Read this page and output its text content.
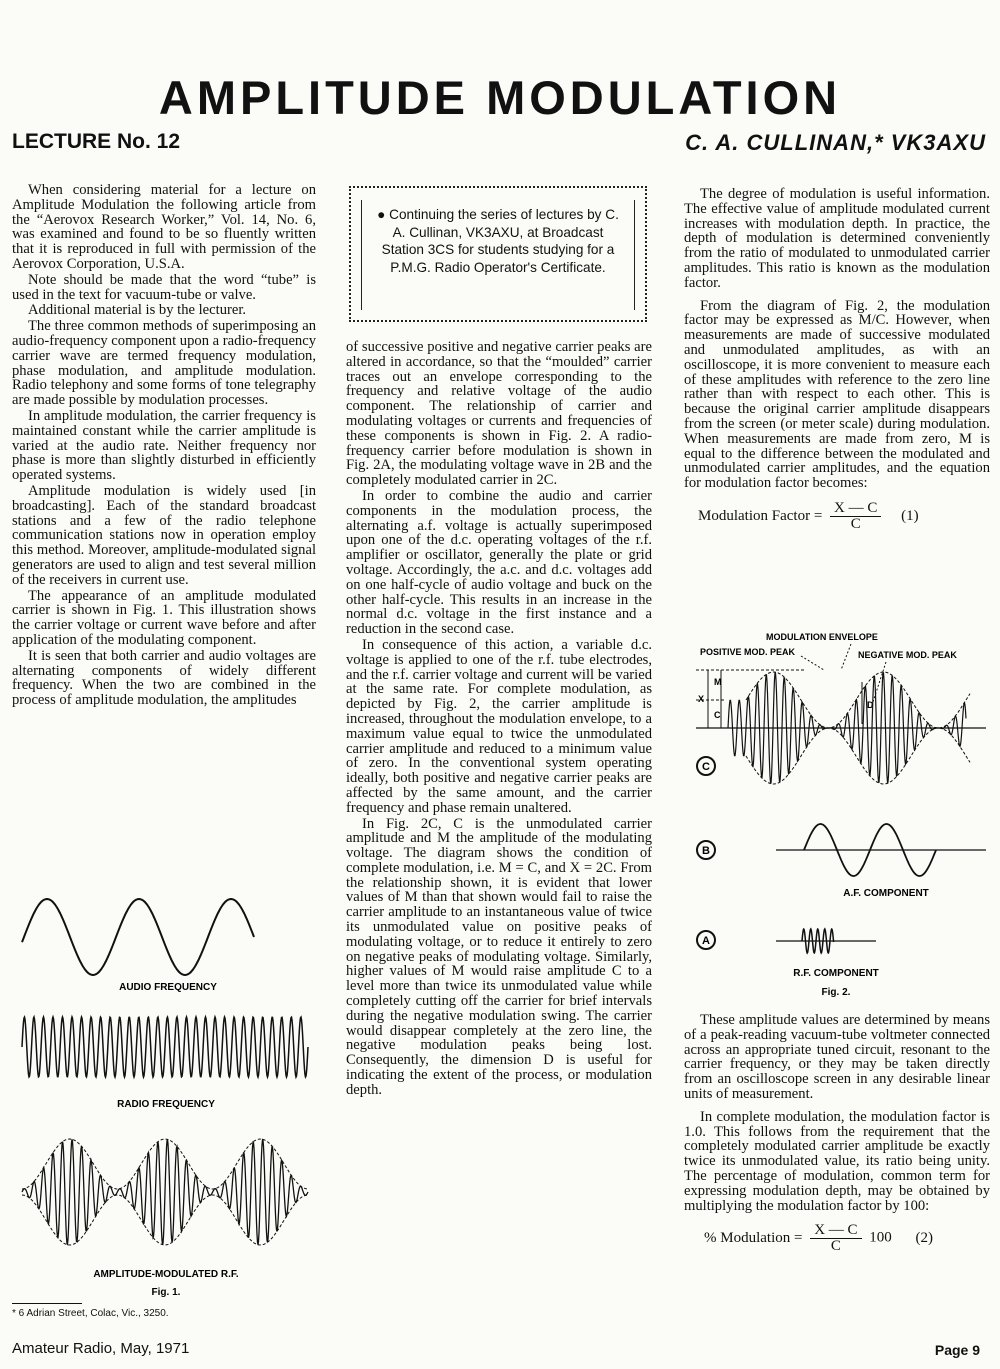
AMPLITUDE MODULATION
LECTURE No. 12	C. A. CULLINAN,* VK3AXU

When considering material for a lecture on Amplitude Modulation the following article from the “Aerovox Research Worker,” Vol. 14, No. 6, was examined and found to be so fluently written that it is reproduced in full with permission of the Aerovox Corporation, U.S.A.

Note should be made that the word “tube” is used in the text for vacuum-tube or valve.

Additional material is by the lecturer.

The three common methods of superimposing an audio-frequency component upon a radio-frequency carrier wave are termed frequency modulation, phase modulation, and amplitude modulation. Radio telephony and some forms of tone telegraphy are made possible by modulation processes.

In amplitude modulation, the carrier frequency is maintained constant while the carrier amplitude is varied at the audio rate. Neither frequency nor phase is more than slightly disturbed in efficiently operated systems.

Amplitude modulation is widely used [in broadcasting]. Each of the standard broadcast stations and a few of the radio telephone communication stations now in operation employ this method. Moreover, amplitude-modulated signal generators are used to align and test several million of the receivers in current use.

The appearance of an amplitude modulated carrier is shown in Fig. 1. This illustration shows the carrier voltage or current wave before and after application of the modulating component.

It is seen that both carrier and audio voltages are alternating components of widely different frequency. When the two are combined in the process of amplitude modulation, the amplitudes

● Continuing the series of lectures by C. A. Cullinan, VK3AXU, at Broadcast Station 3CS for students studying for a P.M.G. Radio Operator's Certificate.

of successive positive and negative carrier peaks are altered in accordance, so that the “moulded” carrier traces out an envelope corresponding to the frequency and relative voltage of the audio component. The relationship of carrier and modulating voltages or currents and frequencies of these components is shown in Fig. 2. A radio-frequency carrier before modulation is shown in Fig. 2A, the modulating voltage wave in 2B and the completely modulated carrier in 2C.

In order to combine the audio and carrier components in the modulation process, the alternating a.f. voltage is actually superimposed upon one of the d.c. operating voltages of the r.f. amplifier or oscillator, generally the plate or grid voltage. Accordingly, the a.c. and d.c. voltages add on one half-cycle of audio voltage and buck on the other half-cycle. This results in an increase in the normal d.c. voltage in the first instance and a reduction in the second case.

In consequence of this action, a variable d.c. voltage is applied to one of the r.f. tube electrodes, and the r.f. carrier voltage and current will be varied at the same rate. For complete modulation, as depicted by Fig. 2, the carrier amplitude is increased, throughout the modulation envelope, to a maximum value equal to twice the unmodulated carrier amplitude and reduced to a minimum value of zero. In the conventional system operating ideally, both positive and negative carrier peaks are affected by the same amount, and the carrier frequency and phase remain unaltered.

In Fig. 2C, C is the unmodulated carrier amplitude and M the amplitude of the modulating voltage. The diagram shows the condition of complete modulation, i.e. M = C, and X = 2C. From the relationship shown, it is evident that lower values of M than that shown would fail to raise the carrier amplitude to an instantaneous value of twice its unmodulated value on positive peaks of modulating voltage, or to reduce it entirely to zero on negative peaks of modulating voltage. Similarly, higher values of M would raise amplitude C to a level more than twice its unmodulated value while completely cutting off the carrier for brief intervals during the negative modulation swing. The carrier would disappear completely at the zero line, the negative modulation peaks being lost. Consequently, the dimension D is useful for indicating the extent of the process, or modulation depth.

The degree of modulation is useful information. The effective value of amplitude modulated current increases with modulation depth. In practice, the depth of modulation is determined conveniently from the ratio of modulated to unmodulated carrier amplitudes. This ratio is known as the modulation factor.

From the diagram of Fig. 2, the modulation factor may be expressed as M/C. However, when measurements are made of successive modulated and unmodulated amplitudes, as with an oscilloscope, it is more convenient to measure each of these amplitudes with reference to the zero line rather than with respect to each other. This is because the original carrier amplitude disappears from the screen (or meter scale) during modulation. When measurements are made from zero, M is equal to the difference between the modulated and unmodulated carrier amplitudes, and the equation for modulation factor becomes:

Modulation Factor = $\frac{X — C}{C} (1)$
MODULATION ENVELOPE
POSITIVE MOD. PEAK	NEGATIVE MOD. PEAK
M
X
C
D
C
B
A.F. COMPONENT
A
R.F. COMPONENT
Fig. 2.

These amplitude values are determined by means of a peak-reading vacuum-tube voltmeter connected across an appropriate tuned circuit, resonant to the carrier frequency, or they may be taken directly from an oscilloscope screen in any desirable linear units of measurement.

In complete modulation, the modulation factor is 1.0. This follows from the requirement that the completely modulated carrier amplitude be exactly twice its unmodulated value, its ratio being unity. The percentage of modulation, common term for expressing modulation depth, may be obtained by multiplying the modulation factor by 100:

% Modulation = $\frac{X — C}{C} 100$ (2)
AUDIO FREQUENCY
RADIO FREQUENCY
AMPLITUDE-MODULATED R.F.
Fig. 1.
* 6 Adrian Street, Colac, Vic., 3250.
Amateur Radio, May, 1971	Page 9
